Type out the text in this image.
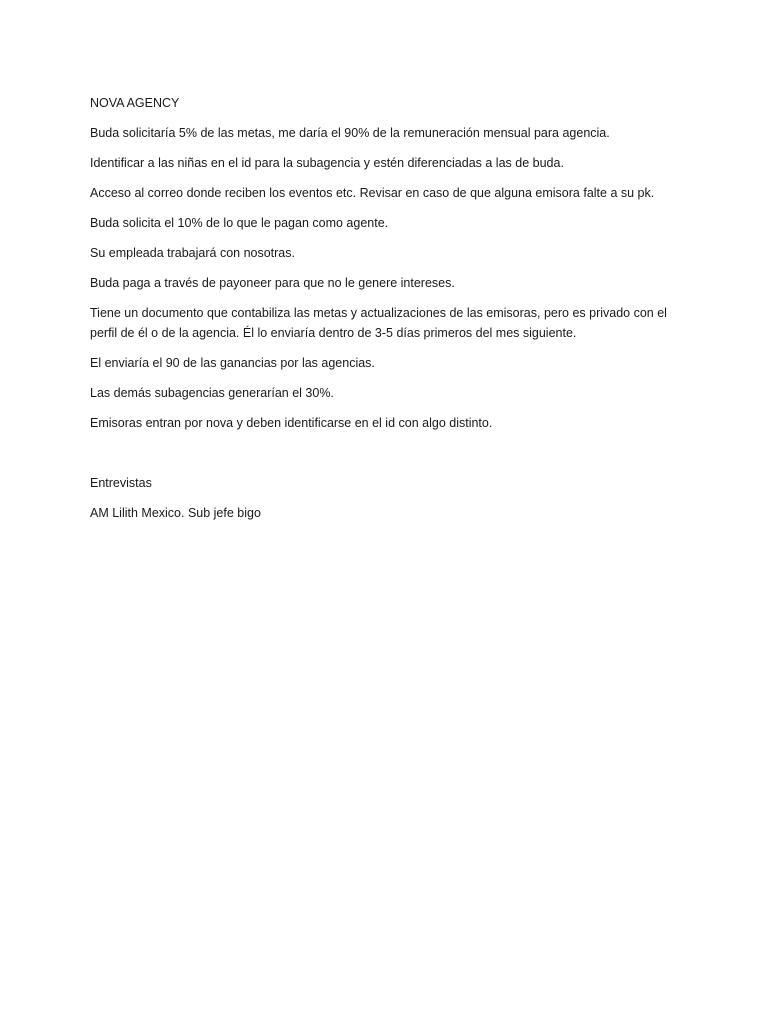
NOVA AGENCY

Buda solicitaría 5% de las metas, me daría el 90% de la remuneración mensual para agencia.

Identificar a las niñas en el id para la subagencia y estén diferenciadas a las de buda.

Acceso al correo donde reciben los eventos etc. Revisar en caso de que alguna emisora falte a su pk.

Buda solicita el 10% de lo que le pagan como agente.

Su empleada trabajará con nosotras.

Buda paga a través de payoneer para que no le genere intereses.

Tiene un documento que contabiliza las metas y actualizaciones de las emisoras, pero es privado con el perfil de él o de la agencia. Él lo enviaría dentro de 3-5 días primeros del mes siguiente.

El enviaría el 90 de las ganancias por las agencias.

Las demás subagencias generarían el 30%.

Emisoras entran por nova y deben identificarse en el id con algo distinto.

Entrevistas

AM Lilith Mexico. Sub jefe bigo
